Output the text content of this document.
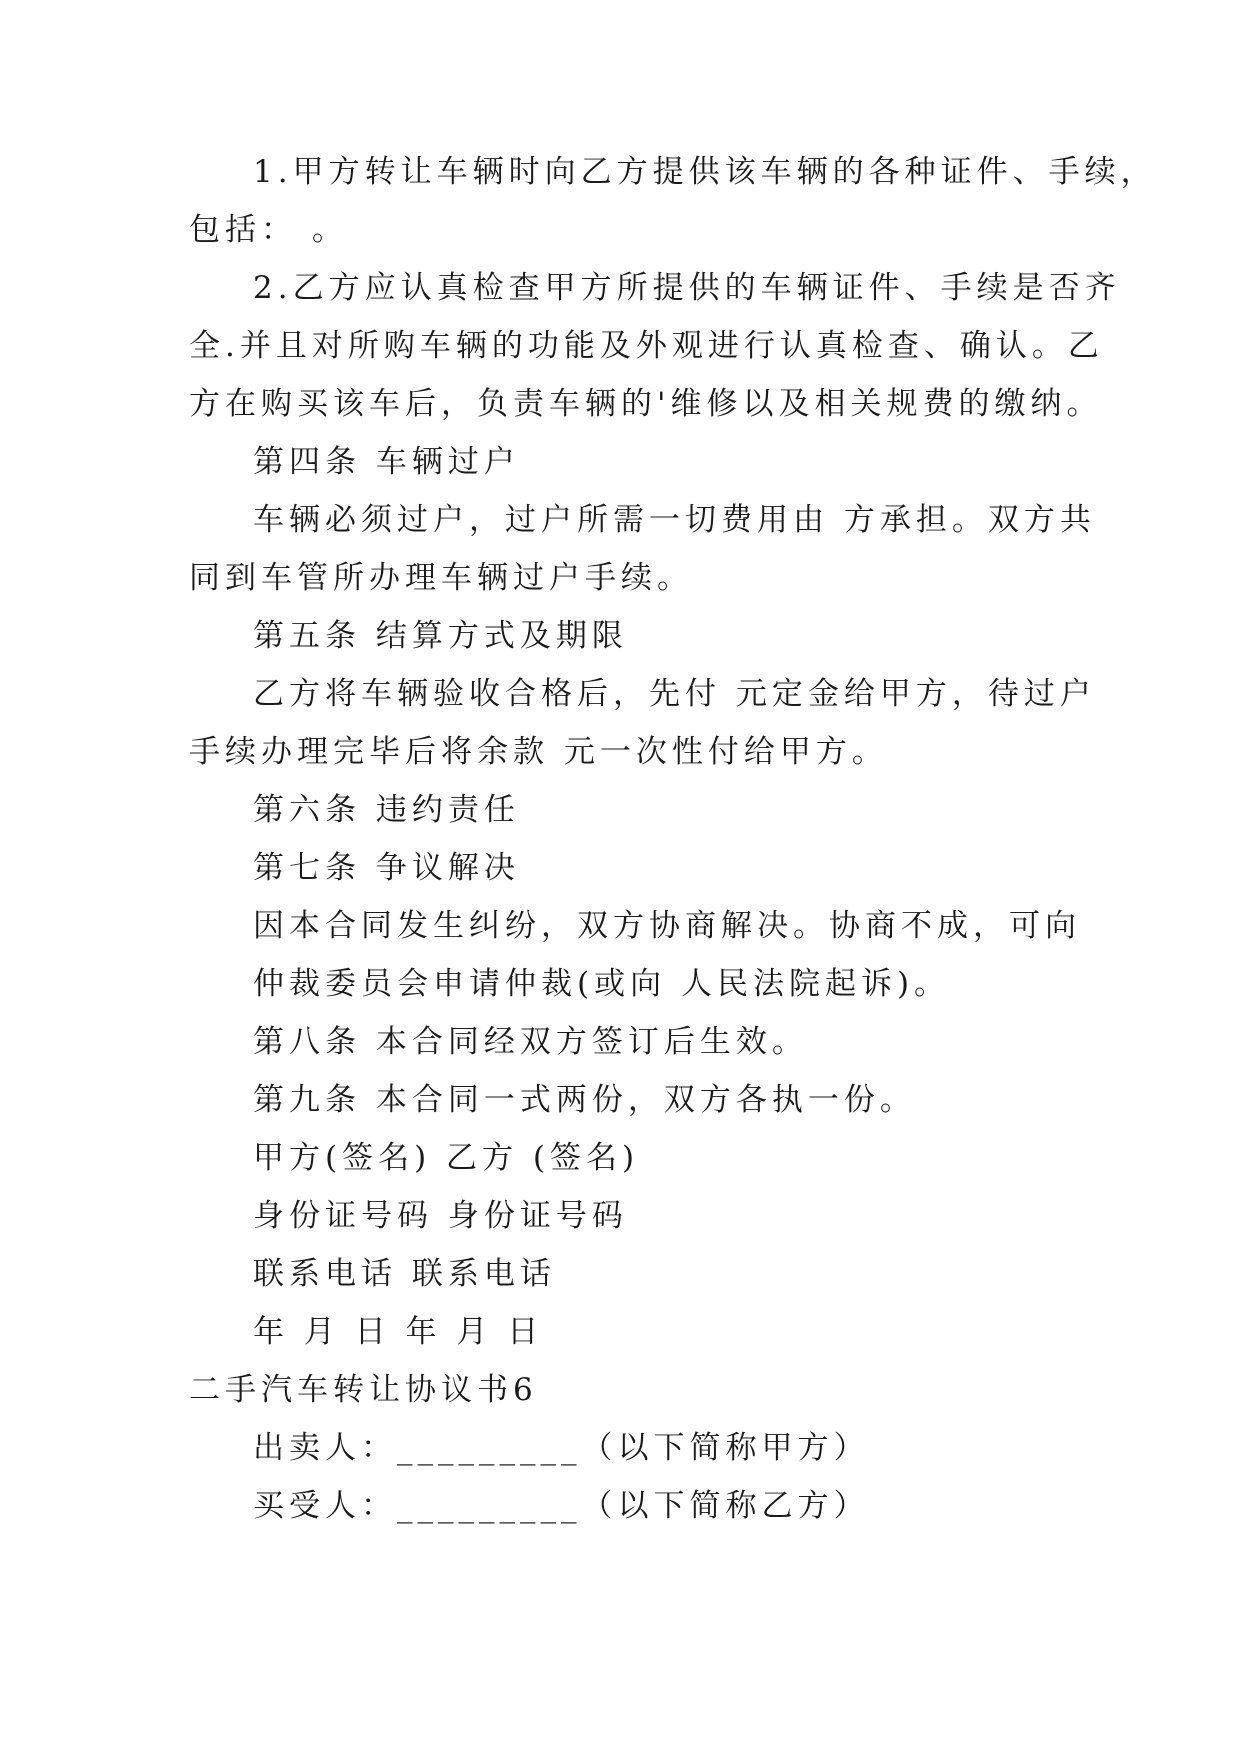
1.甲方转让车辆时向乙方提供该车辆的各种证件、手续，
包括： 。
2.乙方应认真检查甲方所提供的车辆证件、手续是否齐
全.并且对所购车辆的功能及外观进行认真检查、确认。乙
方在购买该车后，负责车辆的'维修以及相关规费的缴纳。
第四条 车辆过户
车辆必须过户，过户所需一切费用由 方承担。双方共
同到车管所办理车辆过户手续。
第五条 结算方式及期限
乙方将车辆验收合格后，先付 元定金给甲方，待过户
手续办理完毕后将余款 元一次性付给甲方。
第六条 违约责任
第七条 争议解决
因本合同发生纠纷，双方协商解决。协商不成，可向
仲裁委员会申请仲裁(或向 人民法院起诉)。
第八条 本合同经双方签订后生效。
第九条 本合同一式两份，双方各执一份。
甲方(签名) 乙方 (签名)
身份证号码 身份证号码
联系电话 联系电话
年 月 日 年 月 日
二手汽车转让协议书6
出卖人：_________（以下简称甲方）
买受人：_________（以下简称乙方）
